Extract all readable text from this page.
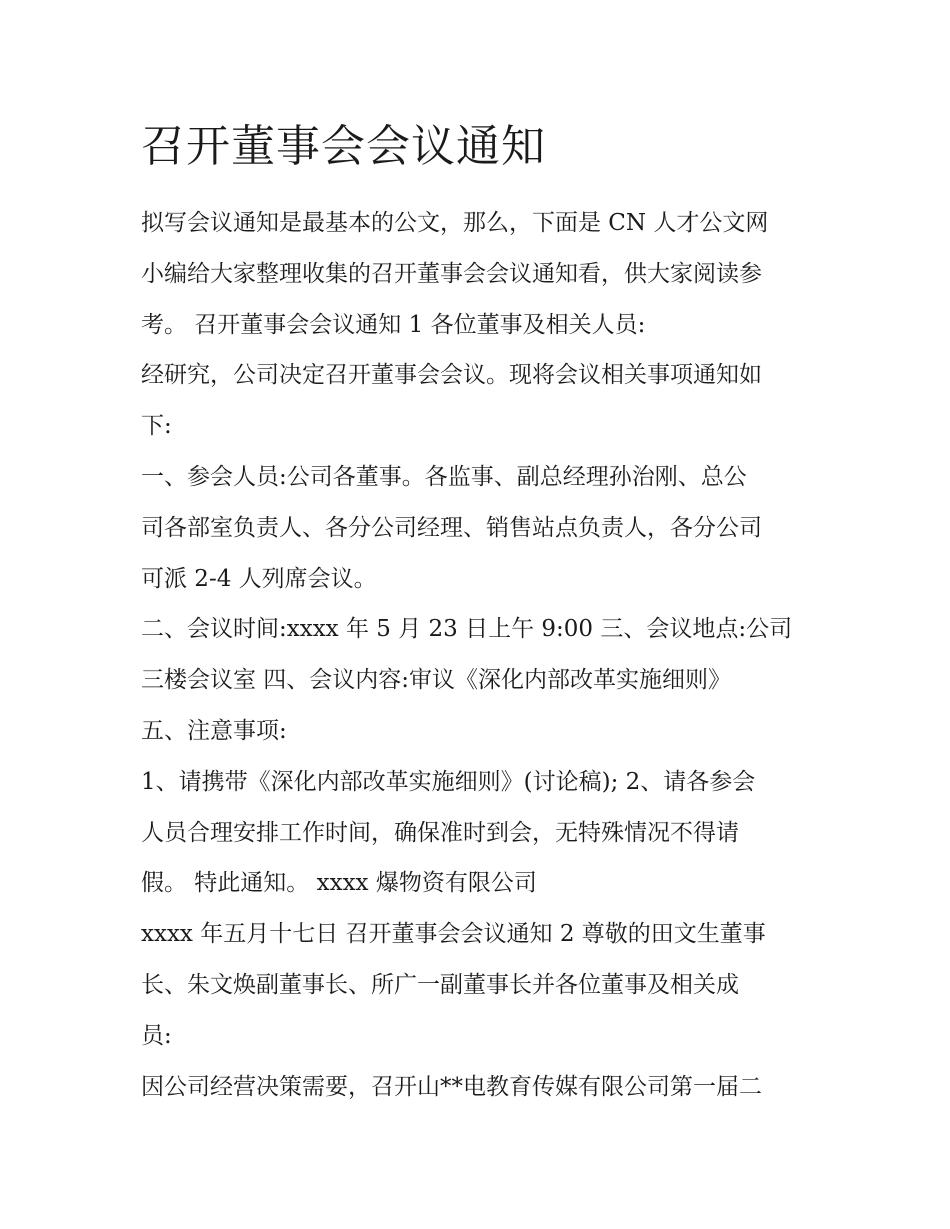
召开董事会会议通知
拟写会议通知是最基本的公文，那么，下面是 CN 人才公文网
小编给大家整理收集的召开董事会会议通知看，供大家阅读参
考。 召开董事会会议通知 1 各位董事及相关人员:
经研究，公司决定召开董事会会议。现将会议相关事项通知如
下:
一、参会人员:公司各董事。各监事、副总经理孙治刚、总公
司各部室负责人、各分公司经理、销售站点负责人，各分公司
可派 2-4 人列席会议。
二、会议时间:xxxx 年 5 月 23 日上午 9:00 三、会议地点:公司
三楼会议室 四、会议内容:审议《深化内部改革实施细则》
五、注意事项:
1、请携带《深化内部改革实施细则》(讨论稿); 2、请各参会
人员合理安排工作时间，确保准时到会，无特殊情况不得请
假。 特此通知。 xxxx 爆物资有限公司
xxxx 年五月十七日 召开董事会会议通知 2 尊敬的田文生董事
长、朱文焕副董事长、所广一副董事长并各位董事及相关成
员:
因公司经营决策需要，召开山**电教育传媒有限公司第一届二
